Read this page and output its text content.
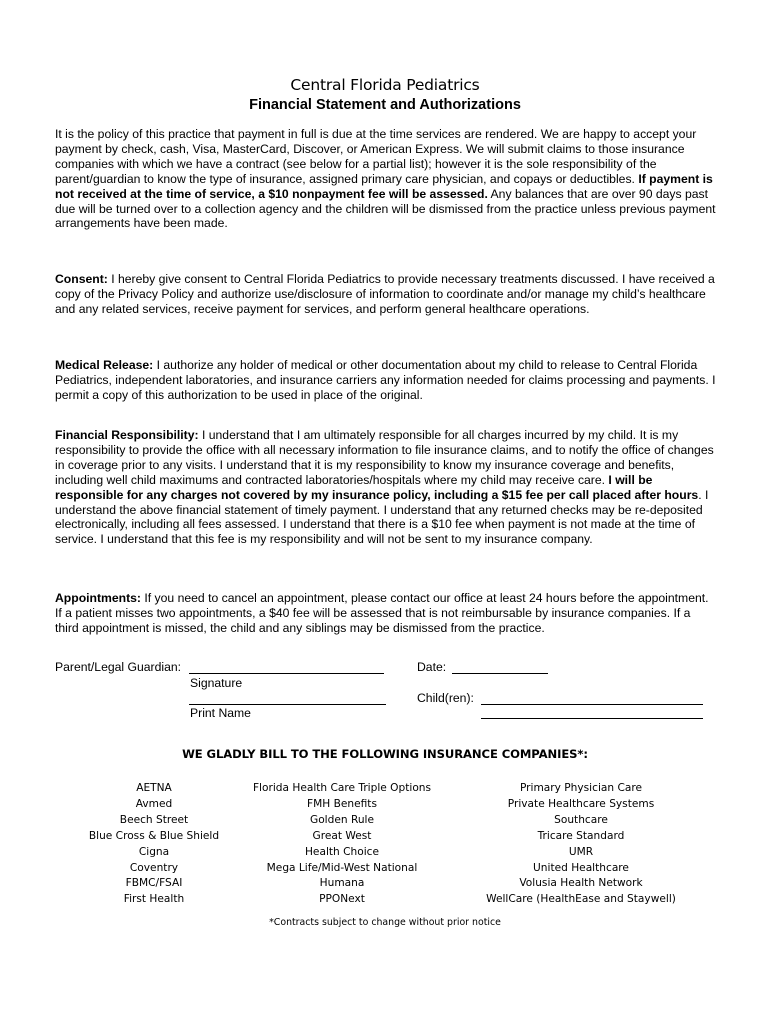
Central Florida Pediatrics
Financial Statement and Authorizations
It is the policy of this practice that payment in full is due at the time services are rendered. We are happy to accept your payment by check, cash, Visa, MasterCard, Discover, or American Express. We will submit claims to those insurance companies with which we have a contract (see below for a partial list); however it is the sole responsibility of the parent/guardian to know the type of insurance, assigned primary care physician, and copays or deductibles. If payment is not received at the time of service, a $10 nonpayment fee will be assessed. Any balances that are over 90 days past due will be turned over to a collection agency and the children will be dismissed from the practice unless previous payment arrangements have been made.
Consent: I hereby give consent to Central Florida Pediatrics to provide necessary treatments discussed. I have received a copy of the Privacy Policy and authorize use/disclosure of information to coordinate and/or manage my child’s healthcare and any related services, receive payment for services, and perform general healthcare operations.
Medical Release: I authorize any holder of medical or other documentation about my child to release to Central Florida Pediatrics, independent laboratories, and insurance carriers any information needed for claims processing and payments. I permit a copy of this authorization to be used in place of the original.
Financial Responsibility: I understand that I am ultimately responsible for all charges incurred by my child. It is my responsibility to provide the office with all necessary information to file insurance claims, and to notify the office of changes in coverage prior to any visits. I understand that it is my responsibility to know my insurance coverage and benefits, including well child maximums and contracted laboratories/hospitals where my child may receive care. I will be responsible for any charges not covered by my insurance policy, including a $15 fee per call placed after hours. I understand the above financial statement of timely payment. I understand that any returned checks may be re-deposited electronically, including all fees assessed. I understand that there is a $10 fee when payment is not made at the time of service. I understand that this fee is my responsibility and will not be sent to my insurance company.
Appointments: If you need to cancel an appointment, please contact our office at least 24 hours before the appointment. If a patient misses two appointments, a $40 fee will be assessed that is not reimbursable by insurance companies. If a third appointment is missed, the child and any siblings may be dismissed from the practice.
Parent/Legal Guardian:
Signature
Print Name
Date:
Child(ren):
WE GLADLY BILL TO THE FOLLOWING INSURANCE COMPANIES*:
AETNA
Avmed
Beech Street
Blue Cross & Blue Shield
Cigna
Coventry
FBMC/FSAI
First Health
Florida Health Care Triple Options
FMH Benefits
Golden Rule
Great West
Health Choice
Mega Life/Mid-West National
Humana
PPONext
Primary Physician Care
Private Healthcare Systems
Southcare
Tricare Standard
UMR
United Healthcare
Volusia Health Network
WellCare (HealthEase and Staywell)
*Contracts subject to change without prior notice
